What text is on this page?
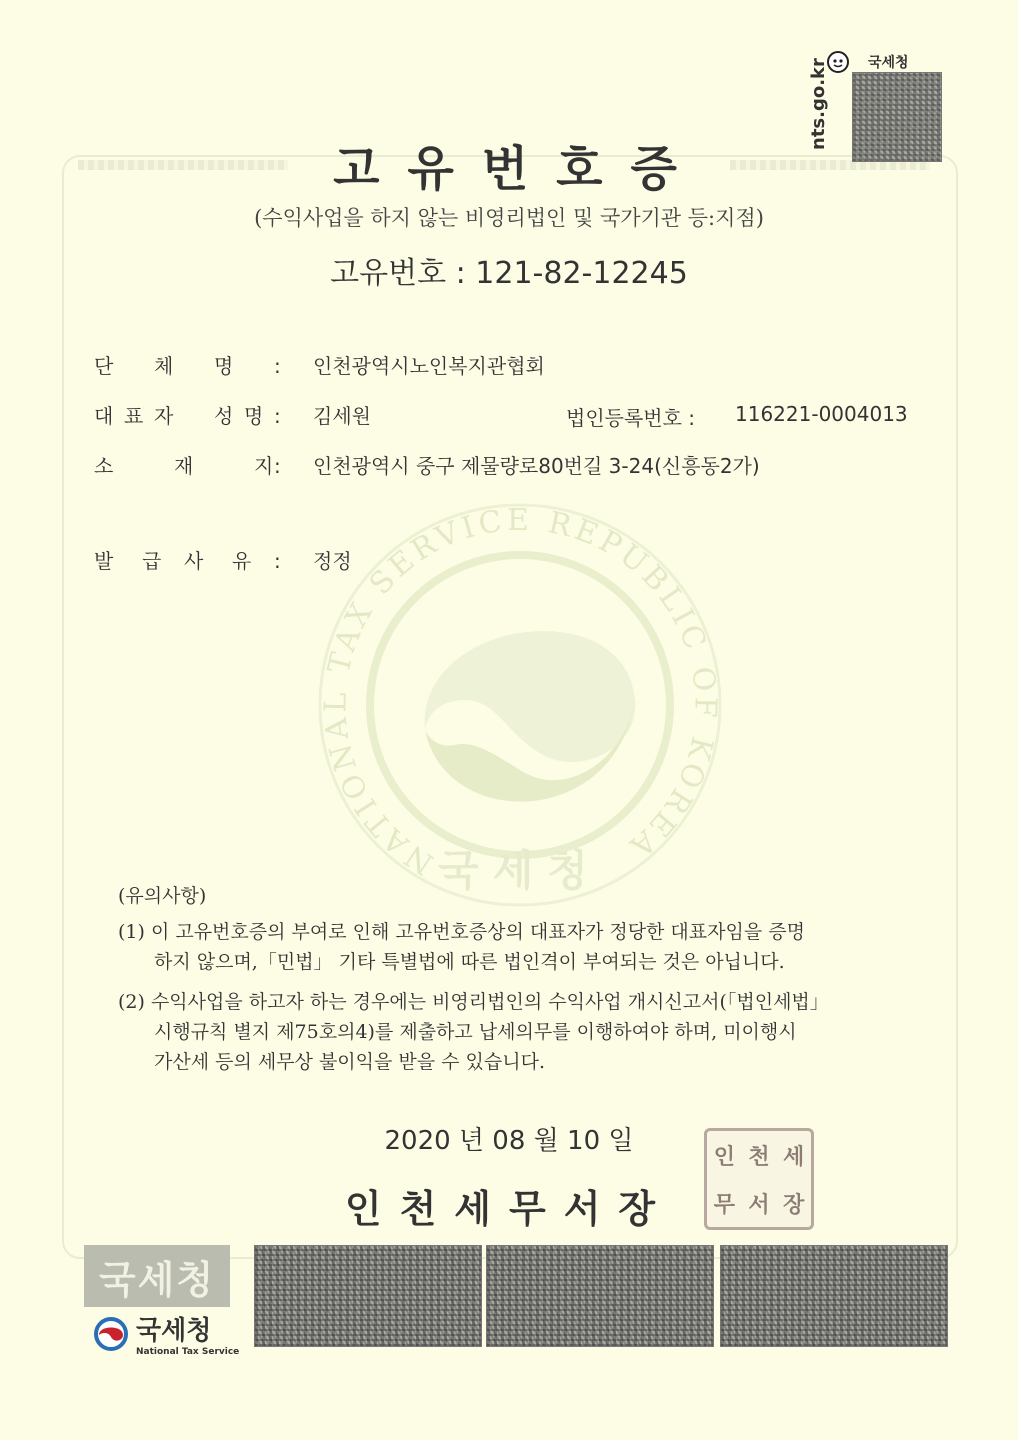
국세청
nts.go.kr
고유번호증
(수익사업을 하지 않는 비영리법인 및 국가기관 등:지점)
고유번호 : 121-82-12245
NATIONAL TAX SERVICE REPUBLIC OF KOREA
국세청
단 체 명 : 인천광역시노인복지관협회
대 표 자 성 명 : 김세원	법인등록번호 : 116221-0004013
소	재	지: 인천광역시 중구 제물량로80번길 3-24(신흥동2가)
발 급 사 유 : 정정
(유의사항)
(1) 이 고유번호증의 부여로 인해 고유번호증상의 대표자가 정당한 대표자임을 증명
하지 않으며,「민법」 기타 특별법에 따른 법인격이 부여되는 것은 아닙니다.
(2) 수익사업을 하고자 하는 경우에는 비영리법인의 수익사업 개시신고서(「법인세법」
시행규칙 별지 제75호의4)를 제출하고 납세의무를 이행하여야 하며, 미이행시
가산세 등의 세무상 불이익을 받을 수 있습니다.
2020 년 08 월 10 일
인천세무서장
인 천 세
무 서 장
국세청
국세청
National Tax Service
